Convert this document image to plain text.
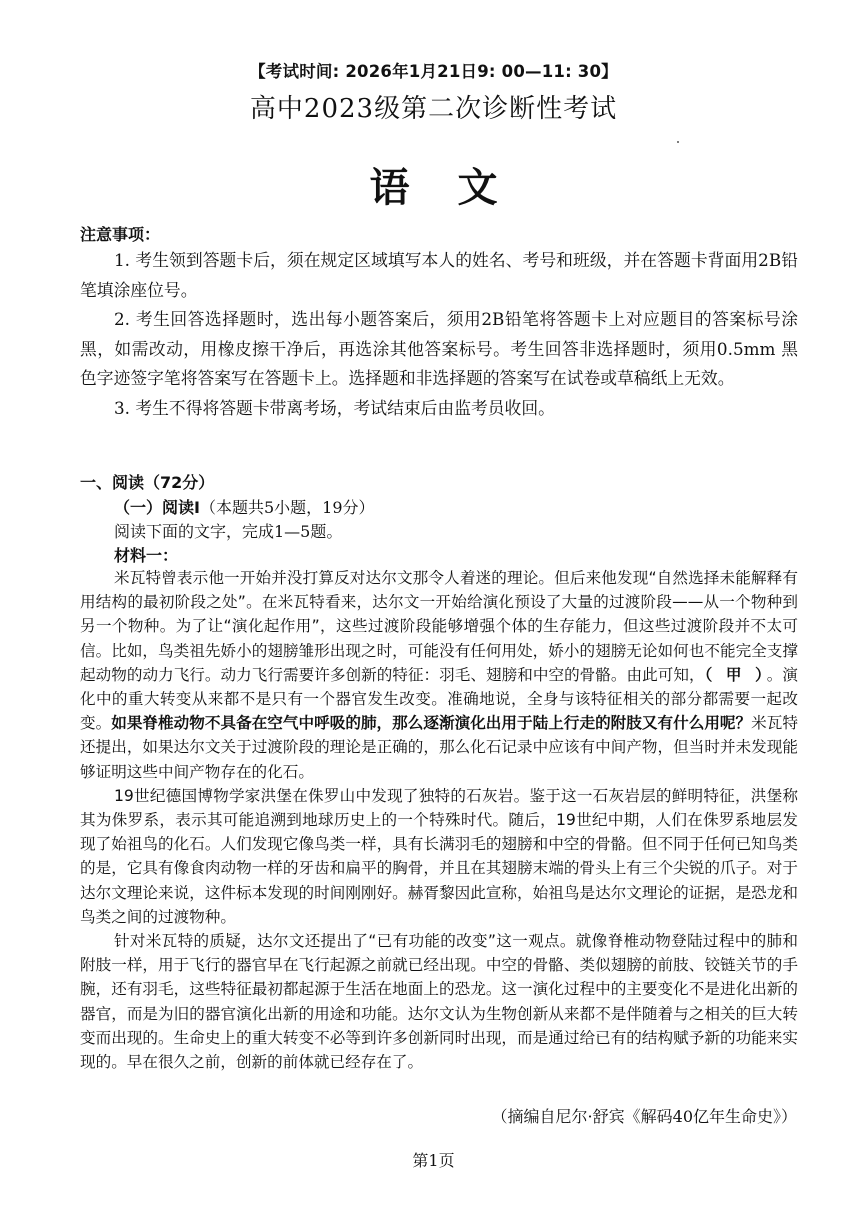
【考试时间: 2026年1月21日9: 00—11: 30】
高中2023级第二次诊断性考试
语文
注意事项：

1. 考生领到答题卡后，须在规定区域填写本人的姓名、考号和班级，并在答题卡背面用2B铅笔填涂座位号。

2. 考生回答选择题时，选出每小题答案后，须用2B铅笔将答题卡上对应题目的答案标号涂黑，如需改动，用橡皮擦干净后，再选涂其他答案标号。考生回答非选择题时，须用0.5mm 黑色字迹签字笔将答案写在答题卡上。选择题和非选择题的答案写在试卷或草稿纸上无效。

3. 考生不得将答题卡带离考场，考试结束后由监考员收回。

一、阅读（72分）
（一）阅读Ⅰ（本题共5小题，19分）
阅读下面的文字，完成1—5题。
材料一：

米瓦特曾表示他一开始并没打算反对达尔文那令人着迷的理论。但后来他发现“自然选择未能解释有用结构的最初阶段之处”。在米瓦特看来，达尔文一开始给演化预设了大量的过渡阶段——从一个物种到另一个物种。为了让“演化起作用”，这些过渡阶段能够增强个体的生存能力，但这些过渡阶段并不太可信。比如，鸟类祖先娇小的翅膀雏形出现之时，可能没有任何用处，娇小的翅膀无论如何也不能完全支撑起动物的动力飞行。动力飞行需要许多创新的特征：羽毛、翅膀和中空的骨骼。由此可知，（ 甲 ）。演化中的重大转变从来都不是只有一个器官发生改变。准确地说，全身与该特征相关的部分都需要一起改变。如果脊椎动物不具备在空气中呼吸的肺，那么逐渐演化出用于陆上行走的附肢又有什么用呢？米瓦特还提出，如果达尔文关于过渡阶段的理论是正确的，那么化石记录中应该有中间产物，但当时并未发现能够证明这些中间产物存在的化石。

19世纪德国博物学家洪堡在侏罗山中发现了独特的石灰岩。鉴于这一石灰岩层的鲜明特征，洪堡称其为侏罗系，表示其可能追溯到地球历史上的一个特殊时代。随后，19世纪中期，人们在侏罗系地层发现了始祖鸟的化石。人们发现它像鸟类一样，具有长满羽毛的翅膀和中空的骨骼。但不同于任何已知鸟类的是，它具有像食肉动物一样的牙齿和扁平的胸骨，并且在其翅膀末端的骨头上有三个尖锐的爪子。对于达尔文理论来说，这件标本发现的时间刚刚好。赫胥黎因此宣称，始祖鸟是达尔文理论的证据，是恐龙和鸟类之间的过渡物种。

针对米瓦特的质疑，达尔文还提出了“已有功能的改变”这一观点。就像脊椎动物登陆过程中的肺和附肢一样，用于飞行的器官早在飞行起源之前就已经出现。中空的骨骼、类似翅膀的前肢、铰链关节的手腕，还有羽毛，这些特征最初都起源于生活在地面上的恐龙。这一演化过程中的主要变化不是进化出新的器官，而是为旧的器官演化出新的用途和功能。达尔文认为生物创新从来都不是伴随着与之相关的巨大转变而出现的。生命史上的重大转变不必等到许多创新同时出现，而是通过给已有的结构赋予新的功能来实现的。早在很久之前，创新的前体就已经存在了。

（摘编自尼尔·舒宾《解码40亿年生命史》）
第1页
